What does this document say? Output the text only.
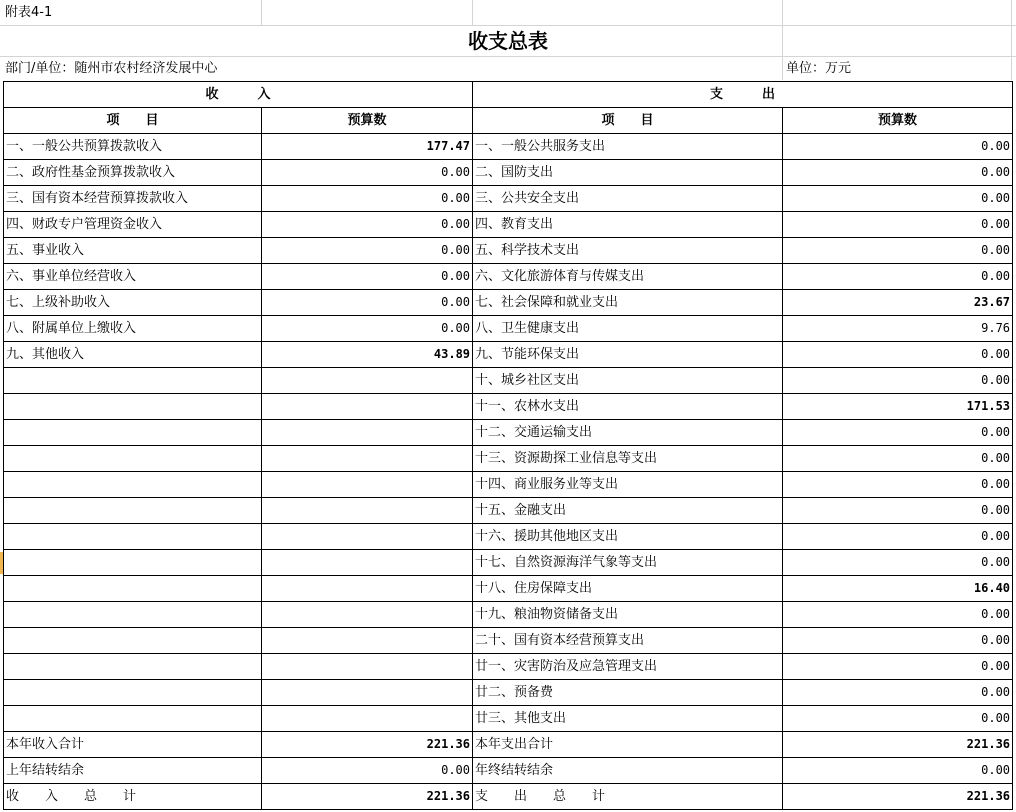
附表4-1
收支总表
部门/单位：随州市农村经济发展中心	单位：万元
收　　　入		支　　　出	
项　　目	预算数	项　　目	预算数
一、一般公共预算拨款收入	177.47	一、一般公共服务支出	0.00
二、政府性基金预算拨款收入	0.00	二、国防支出	0.00
三、国有资本经营预算拨款收入	0.00	三、公共安全支出	0.00
四、财政专户管理资金收入	0.00	四、教育支出	0.00
五、事业收入	0.00	五、科学技术支出	0.00
六、事业单位经营收入	0.00	六、文化旅游体育与传媒支出	0.00
七、上级补助收入	0.00	七、社会保障和就业支出	23.67
八、附属单位上缴收入	0.00	八、卫生健康支出	9.76
九、其他收入	43.89	九、节能环保支出	0.00
		十、城乡社区支出	0.00
		十一、农林水支出	171.53
		十二、交通运输支出	0.00
		十三、资源勘探工业信息等支出	0.00
		十四、商业服务业等支出	0.00
		十五、金融支出	0.00
		十六、援助其他地区支出	0.00
		十七、自然资源海洋气象等支出	0.00
		十八、住房保障支出	16.40
		十九、粮油物资储备支出	0.00
		二十、国有资本经营预算支出	0.00
		廿一、灾害防治及应急管理支出	0.00
		廿二、预备费	0.00
		廿三、其他支出	0.00
本年收入合计	221.36	本年支出合计	221.36
上年结转结余	0.00	年终结转结余	0.00
收　　入　　总　　计	221.36	支　　出　　总　　计	221.36
